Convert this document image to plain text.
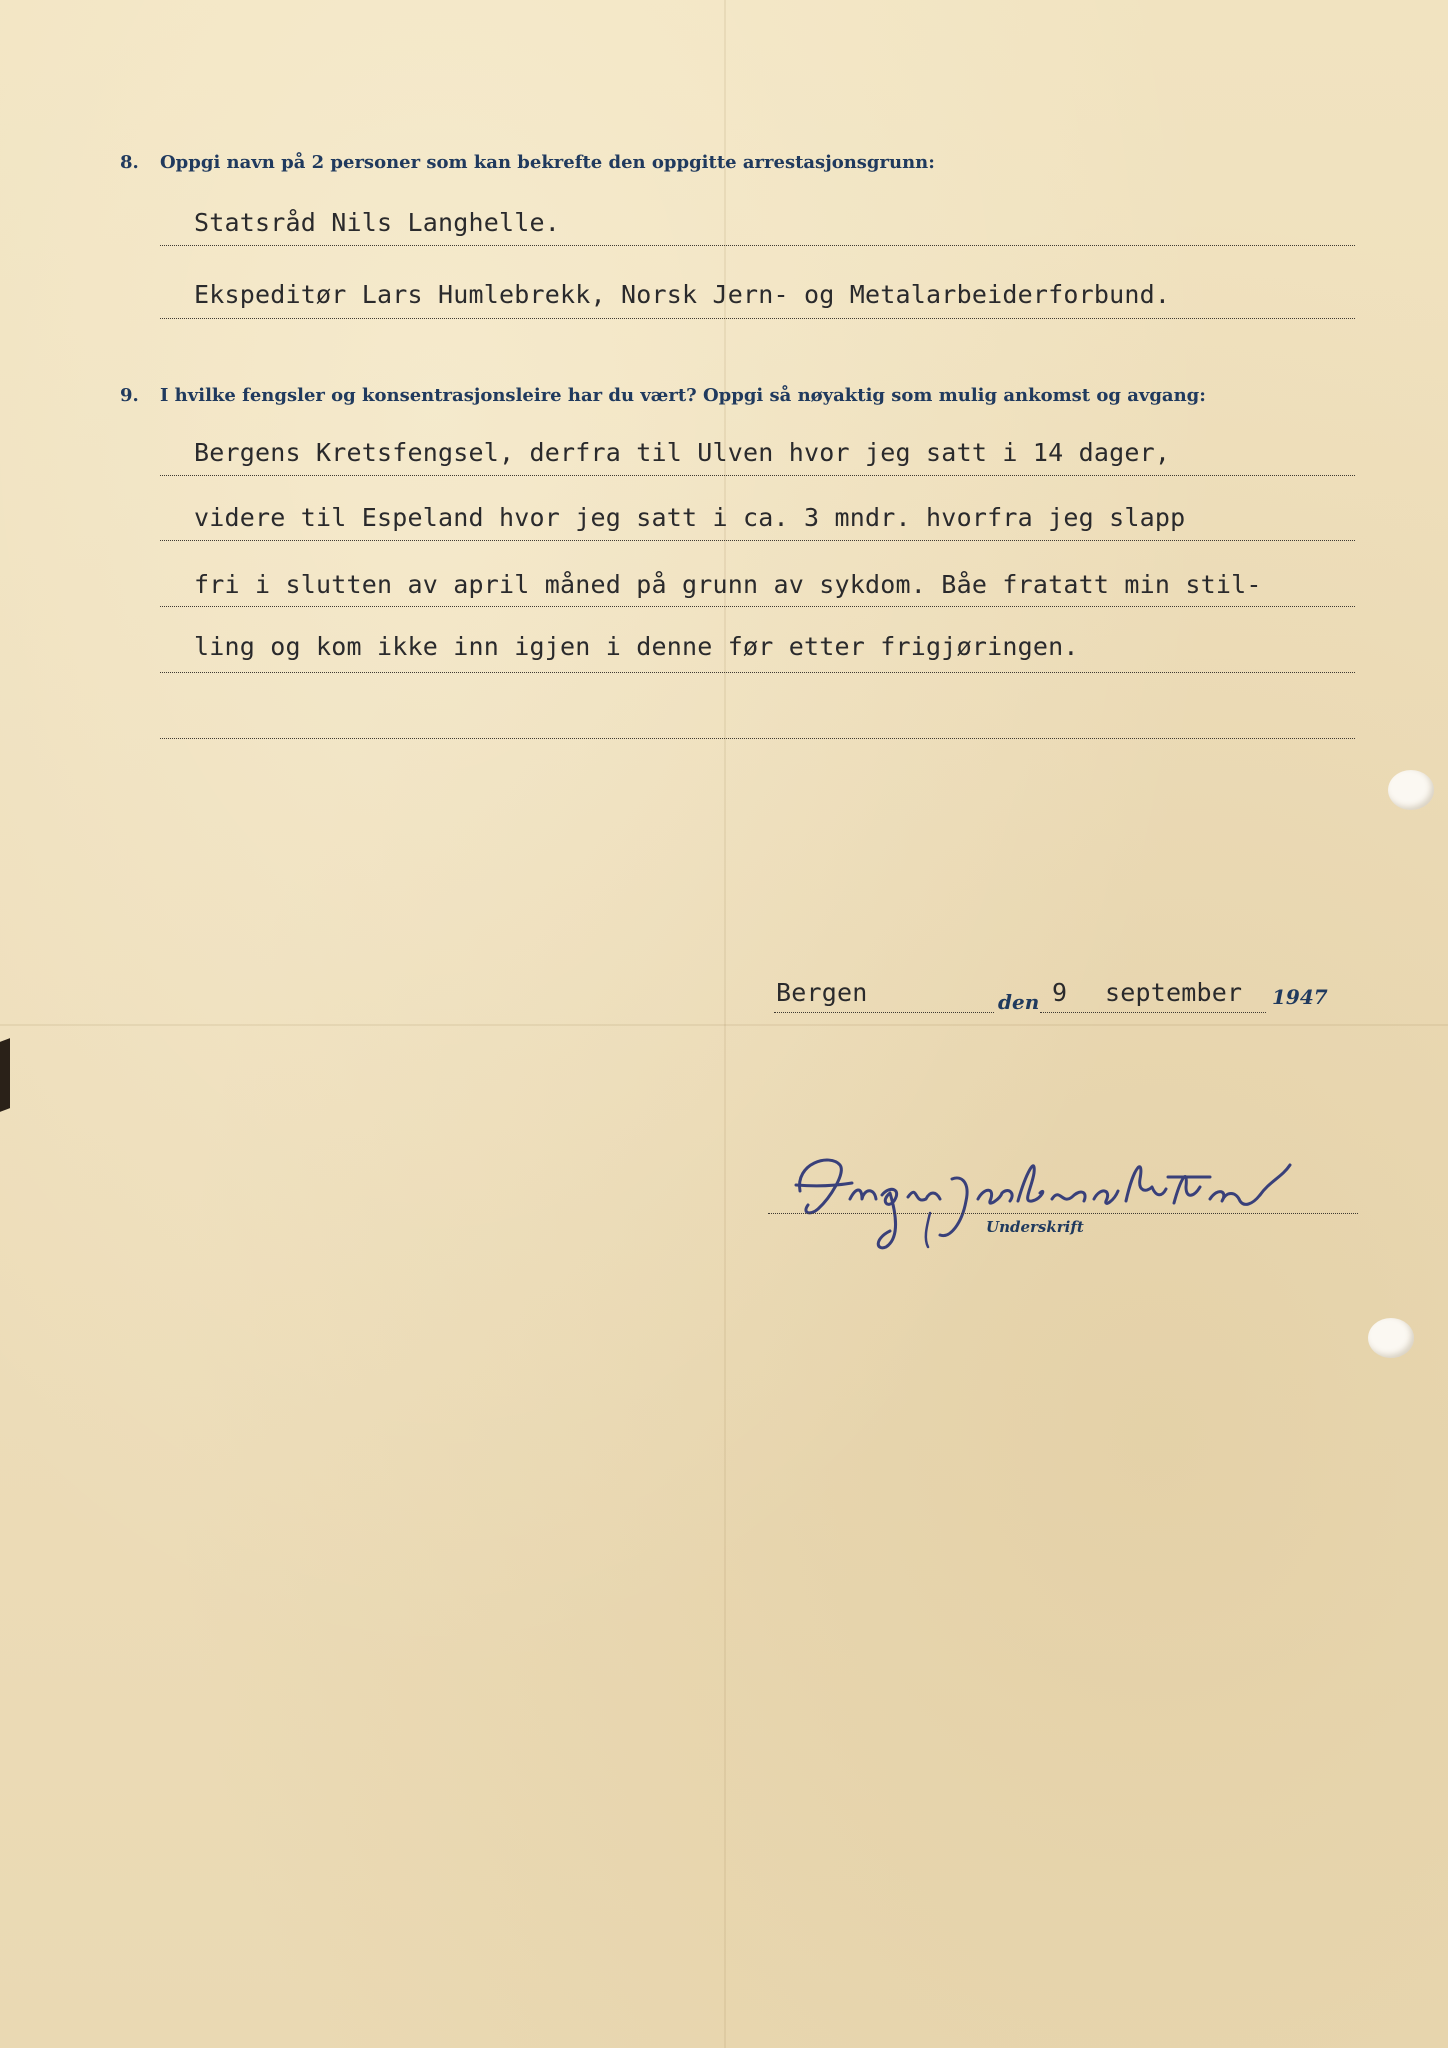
8. Oppgi navn på 2 personer som kan bekrefte den oppgitte arrestasjonsgrunn:
Statsråd Nils Langhelle.
Ekspeditør Lars Humlebrekk, Norsk Jern- og Metalarbeiderforbund.
9. I hvilke fengsler og konsentrasjonsleire har du vært? Oppgi så nøyaktig som mulig ankomst og avgang:
Bergens Kretsfengsel, derfra til Ulven hvor jeg satt i 14 dager,
videre til Espeland hvor jeg satt i ca. 3 mndr. hvorfra jeg slapp
fri i slutten av april måned på grunn av sykdom. Båe fratatt min stil-
ling og kom ikke inn igjen i denne før etter frigjøringen.
Bergen	den 9 september 1947
Underskrift
